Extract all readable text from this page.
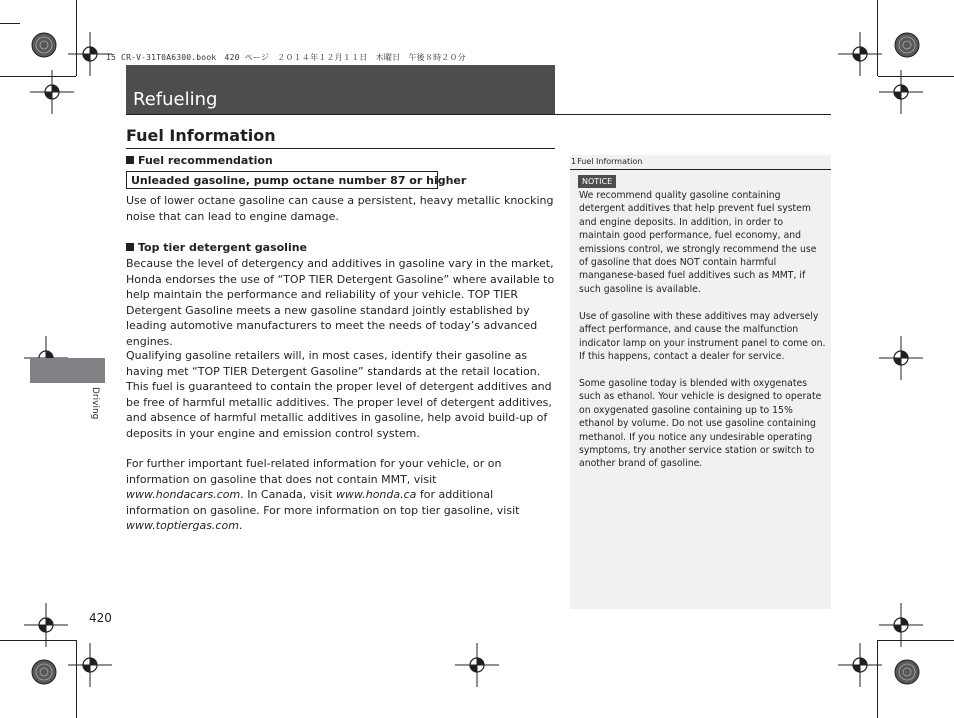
15 CR-V-31T0A6300.book　420 ページ　２０１４年１２月１１日　木曜日　午後８時２０分
Refueling
Fuel Information
Fuel recommendation
Unleaded gasoline, pump octane number 87 or higher

Use of lower octane gasoline can cause a persistent, heavy metallic knocking noise that can lead to engine damage.

Top tier detergent gasoline

Because the level of detergency and additives in gasoline vary in the market, Honda endorses the use of “TOP TIER Detergent Gasoline” where available to help maintain the performance and reliability of your vehicle. TOP TIER Detergent Gasoline meets a new gasoline standard jointly established by leading automotive manufacturers to meet the needs of today’s advanced engines.

Qualifying gasoline retailers will, in most cases, identify their gasoline as having met “TOP TIER Detergent Gasoline” standards at the retail location. This fuel is guaranteed to contain the proper level of detergent additives and be free of harmful metallic additives. The proper level of detergent additives, and absence of harmful metallic additives in gasoline, help avoid build-up of deposits in your engine and emission control system.

For further important fuel-related information for your vehicle, or on information on gasoline that does not contain MMT, visit www.hondacars.com. In Canada, visit www.honda.ca for additional information on gasoline. For more information on top tier gasoline, visit www.toptiergas.com.

1Fuel Information
NOTICE

We recommend quality gasoline containing detergent additives that help prevent fuel system and engine deposits. In addition, in order to maintain good performance, fuel economy, and emissions control, we strongly recommend the use of gasoline that does NOT contain harmful manganese-based fuel additives such as MMT, if such gasoline is available.

Use of gasoline with these additives may adversely affect performance, and cause the malfunction indicator lamp on your instrument panel to come on. If this happens, contact a dealer for service.

Some gasoline today is blended with oxygenates such as ethanol. Your vehicle is designed to operate on oxygenated gasoline containing up to 15% ethanol by volume. Do not use gasoline containing methanol. If you notice any undesirable operating symptoms, try another service station or switch to another brand of gasoline.

Driving
420
